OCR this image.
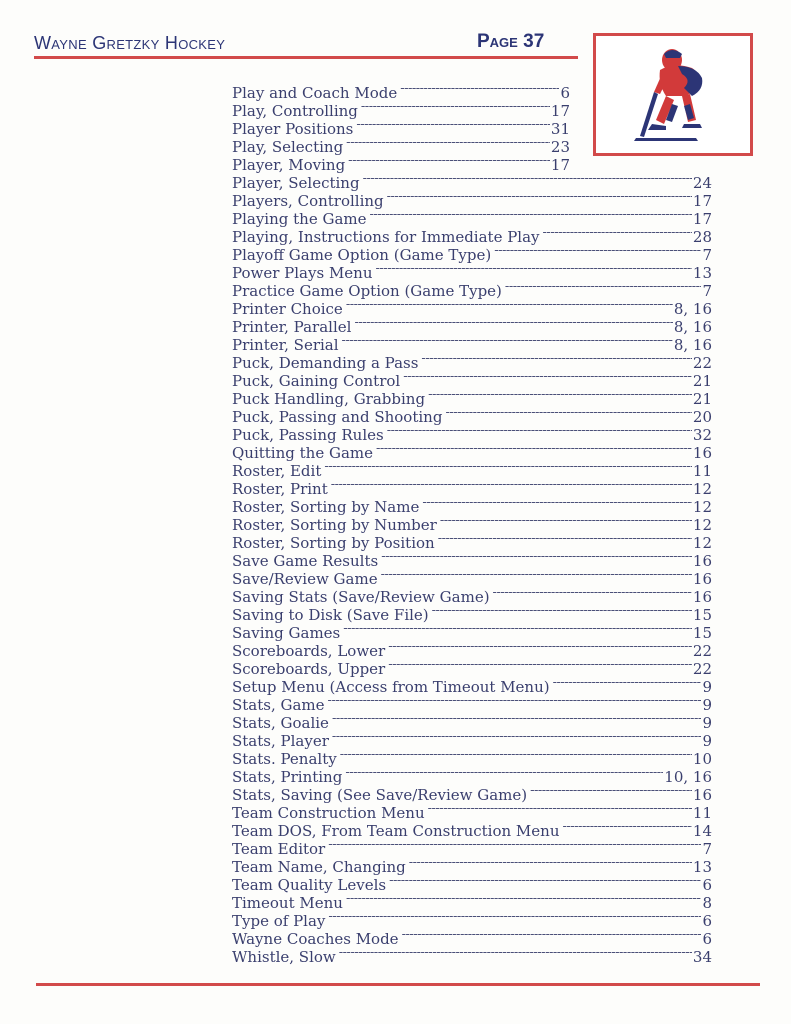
Wayne Gretzky Hockey	Page 37
Play and Coach Mode -----	6
Play, Controlling -----	17
Player Positions -----	31
Play, Selecting -----	23
Player, Moving -----	17
Player, Selecting -----	24
Players, Controlling -----	17
Playing the Game -----	17
Playing, Instructions for Immediate Play -----	28
Playoff Game Option (Game Type) -----	7
Power Plays Menu -----	13
Practice Game Option (Game Type) -----	7
Printer Choice -----	8, 16
Printer, Parallel -----	8, 16
Printer, Serial -----	8, 16
Puck, Demanding a Pass -----	22
Puck, Gaining Control -----	21
Puck Handling, Grabbing -----	21
Puck, Passing and Shooting -----	20
Puck, Passing Rules -----	32
Quitting the Game -----	16
Roster, Edit -----	11
Roster, Print -----	12
Roster, Sorting by Name -----	12
Roster, Sorting by Number -----	12
Roster, Sorting by Position -----	12
Save Game Results -----	16
Save/Review Game -----	16
Saving Stats (Save/Review Game) -----	16
Saving to Disk (Save File) -----	15
Saving Games -----	15
Scoreboards, Lower -----	22
Scoreboards, Upper -----	22
Setup Menu (Access from Timeout Menu) -----	9
Stats, Game -----	9
Stats, Goalie -----	9
Stats, Player -----	9
Stats. Penalty -----	10
Stats, Printing -----	10, 16
Stats, Saving (See Save/Review Game) -----	16
Team Construction Menu -----	11
Team DOS, From Team Construction Menu -----	14
Team Editor -----	7
Team Name, Changing -----	13
Team Quality Levels -----	6
Timeout Menu -----	8
Type of Play -----	6
Wayne Coaches Mode -----	6
Whistle, Slow -----	34
